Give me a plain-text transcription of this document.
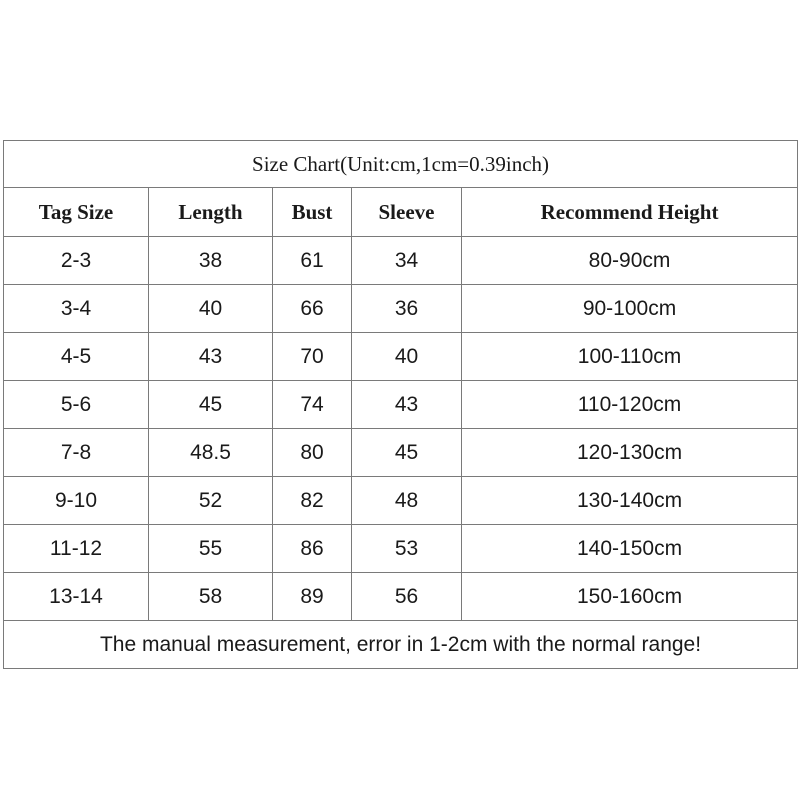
Size Chart(Unit:cm,1cm=0.39inch)				
Tag Size	Length	Bust	Sleeve	Recommend Height
2-3	38	61	34	80-90cm
3-4	40	66	36	90-100cm
4-5	43	70	40	100-110cm
5-6	45	74	43	110-120cm
7-8	48.5	80	45	120-130cm
9-10	52	82	48	130-140cm
11-12	55	86	53	140-150cm
13-14	58	89	56	150-160cm
The manual measurement, error in 1-2cm with the normal range!				
